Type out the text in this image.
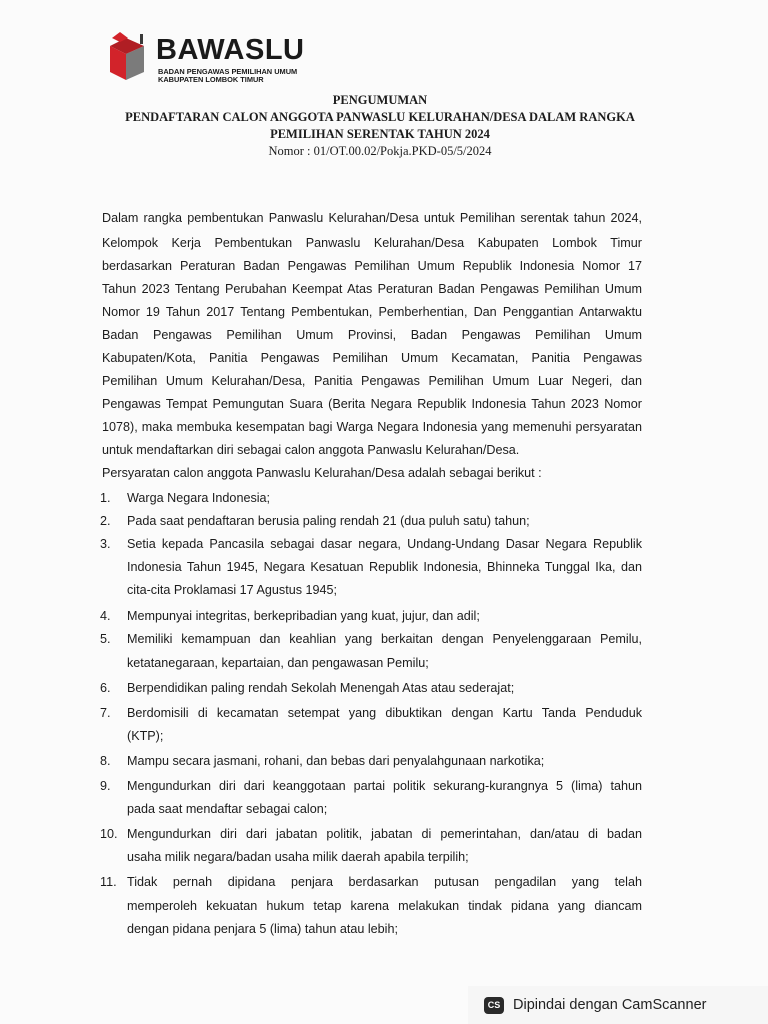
BAWASLU
BADAN PENGAWAS PEMILIHAN UMUM
KABUPATEN LOMBOK TIMUR
PENGUMUMAN
PENDAFTARAN CALON ANGGOTA PANWASLU KELURAHAN/DESA DALAM RANGKA
PEMILIHAN SERENTAK TAHUN 2024
Nomor : 01/OT.00.02/Pokja.PKD-05/5/2024
Dalam rangka pembentukan Panwaslu Kelurahan/Desa untuk Pemilihan serentak tahun 2024,
Kelompok Kerja Pembentukan Panwaslu Kelurahan/Desa Kabupaten Lombok Timur
berdasarkan Peraturan Badan Pengawas Pemilihan Umum Republik Indonesia Nomor 17
Tahun 2023 Tentang Perubahan Keempat Atas Peraturan Badan Pengawas Pemilihan Umum
Nomor 19 Tahun 2017 Tentang Pembentukan, Pemberhentian, Dan Penggantian Antarwaktu
Badan Pengawas Pemilihan Umum Provinsi, Badan Pengawas Pemilihan Umum
Kabupaten/Kota, Panitia Pengawas Pemilihan Umum Kecamatan, Panitia Pengawas
Pemilihan Umum Kelurahan/Desa, Panitia Pengawas Pemilihan Umum Luar Negeri, dan
Pengawas Tempat Pemungutan Suara (Berita Negara Republik Indonesia Tahun 2023 Nomor
1078), maka membuka kesempatan bagi Warga Negara Indonesia yang memenuhi persyaratan
untuk mendaftarkan diri sebagai calon anggota Panwaslu Kelurahan/Desa.
Persyaratan calon anggota Panwaslu Kelurahan/Desa adalah sebagai berikut :
1.	Warga Negara Indonesia;
2.	Pada saat pendaftaran berusia paling rendah 21 (dua puluh satu) tahun;
3.	Setia kepada Pancasila sebagai dasar negara, Undang-Undang Dasar Negara Republik
Indonesia Tahun 1945, Negara Kesatuan Republik Indonesia, Bhinneka Tunggal Ika, dan
cita-cita Proklamasi 17 Agustus 1945;
4.	Mempunyai integritas, berkepribadian yang kuat, jujur, dan adil;
5.	Memiliki kemampuan dan keahlian yang berkaitan dengan Penyelenggaraan Pemilu,
ketatanegaraan, kepartaian, dan pengawasan Pemilu;
6.	Berpendidikan paling rendah Sekolah Menengah Atas atau sederajat;
7.	Berdomisili di kecamatan setempat yang dibuktikan dengan Kartu Tanda Penduduk
(KTP);
8.	Mampu secara jasmani, rohani, dan bebas dari penyalahgunaan narkotika;
9.	Mengundurkan diri dari keanggotaan partai politik sekurang-kurangnya 5 (lima) tahun
pada saat mendaftar sebagai calon;
10. Mengundurkan diri dari jabatan politik, jabatan di pemerintahan, dan/atau di badan
usaha milik negara/badan usaha milik daerah apabila terpilih;
11. Tidak pernah dipidana penjara berdasarkan putusan pengadilan yang telah
memperoleh kekuatan hukum tetap karena melakukan tindak pidana yang diancam
dengan pidana penjara 5 (lima) tahun atau lebih;
CS Dipindai dengan CamScanner
